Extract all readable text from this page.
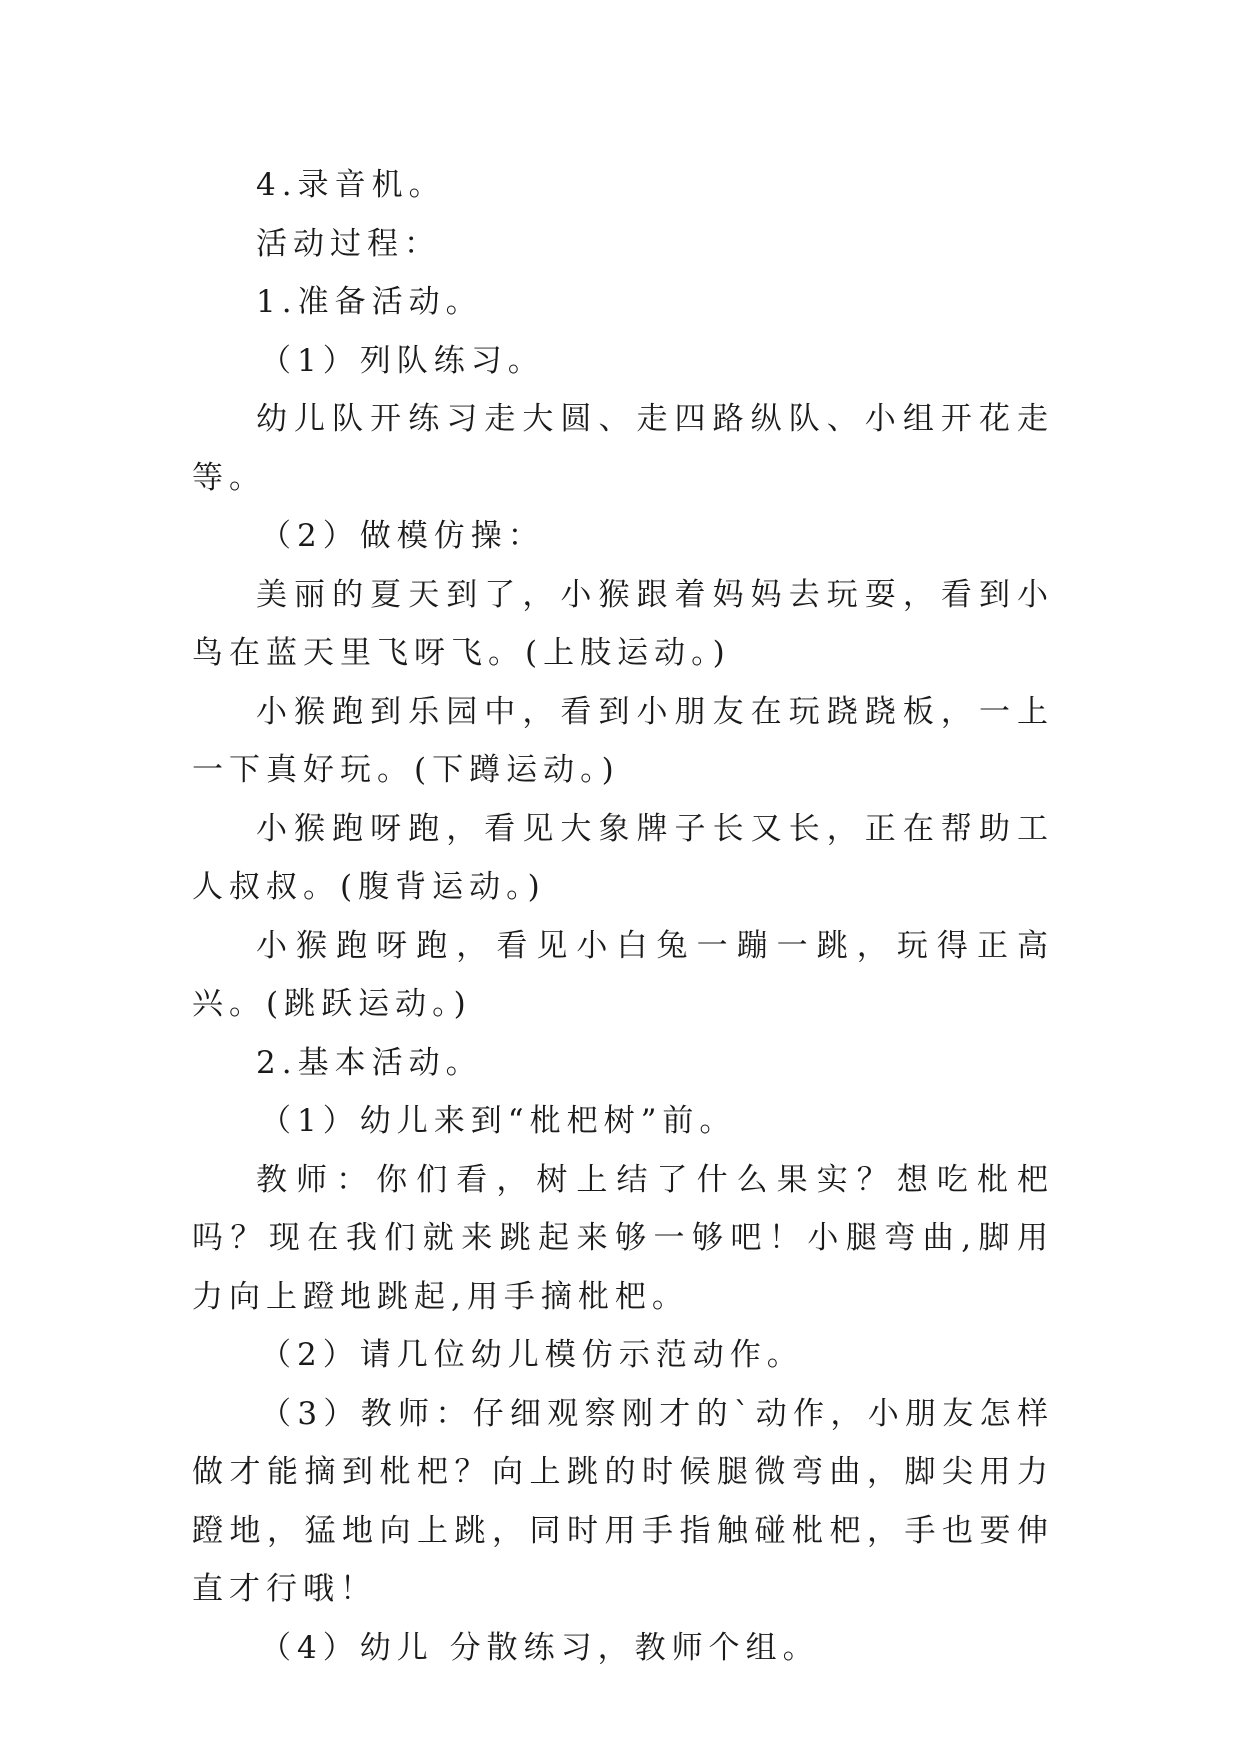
4.录音机。

活动过程：

1.准备活动。

（1）列队练习。

幼儿队开练习走大圆、走四路纵队、小组开花走等。

（2）做模仿操：

美丽的夏天到了，小猴跟着妈妈去玩耍，看到小鸟在蓝天里飞呀飞。(上肢运动。)

小猴跑到乐园中，看到小朋友在玩跷跷板，一上一下真好玩。(下蹲运动。)

小猴跑呀跑，看见大象牌子长又长，正在帮助工人叔叔。(腹背运动。)

小猴跑呀跑，看见小白兔一蹦一跳，玩得正高兴。(跳跃运动。)

2.基本活动。

（1）幼儿来到“枇杷树”前。

教师：你们看，树上结了什么果实？想吃枇杷吗？现在我们就来跳起来够一够吧！小腿弯曲,脚用力向上蹬地跳起,用手摘枇杷。

（2）请几位幼儿模仿示范动作。

（3）教师：仔细观察刚才的`动作，小朋友怎样做才能摘到枇杷？向上跳的时候腿微弯曲，脚尖用力蹬地，猛地向上跳，同时用手指触碰枇杷，手也要伸直才行哦！

（4）幼儿 分散练习，教师个组。
